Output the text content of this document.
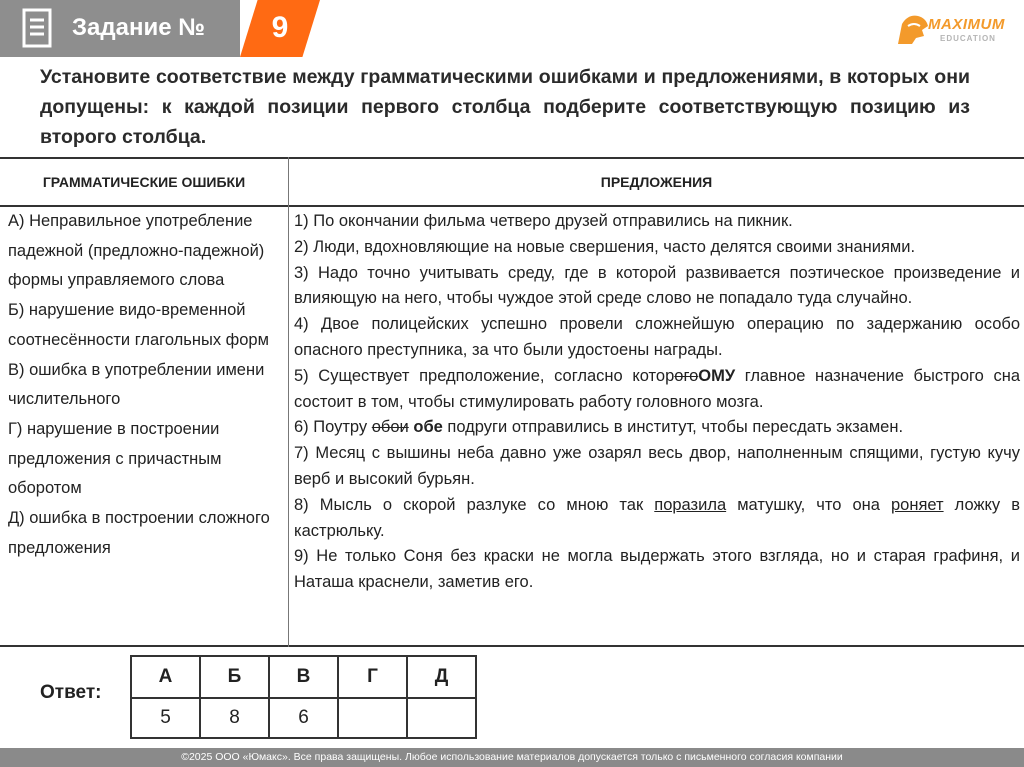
Задание №	9	MAXIMUM
EDUCATION
Установите соответствие между грамматическими ошибками и предложениями, в которых они допущены: к каждой позиции первого столбца подберите соответствующую позицию из второго столбца.
ГРАММАТИЧЕСКИЕ ОШИБКИ	ПРЕДЛОЖЕНИЯ
А) Неправильное употребление падежной (предложно-падежной) формы управляемого слова
Б) нарушение видо-временной соотнесённости глагольных форм
В) ошибка в употреблении имени числительного
Г) нарушение в построении предложения с причастным оборотом
Д) ошибка в построении сложного предложения
1) По окончании фильма четверо друзей отправились на пикник.
2) Люди, вдохновляющие на новые свершения, часто делятся своими знаниями.
3) Надо точно учитывать среду, где в которой развивается поэтическое произведение и влияющую на него, чтобы чуждое этой среде слово не попадало туда случайно.
4) Двое полицейских успешно провели сложнейшую операцию по задержанию особо опасного преступника, за что были удостоены награды.
5) Существует предположение, согласно которогоОМУ главное назначение быстрого сна состоит в том, чтобы стимулировать работу головного мозга.
6) Поутру обои обе подруги отправились в институт, чтобы пересдать экзамен.
7) Месяц с вышины неба давно уже озарял весь двор, наполненным спящими, густую кучу верб и высокий бурьян.
8) Мысль о скорой разлуке со мною так поразила матушку, что она роняет ложку в кастрюльку.
9) Не только Соня без краски не могла выдержать этого взгляда, но и старая графиня, и Наташа краснели, заметив его.
Ответ:
А	Б	В	Г	Д
5	8	6		
©2025 ООО «Юмакс». Все права защищены. Любое использование материалов допускается только с письменного согласия компании
